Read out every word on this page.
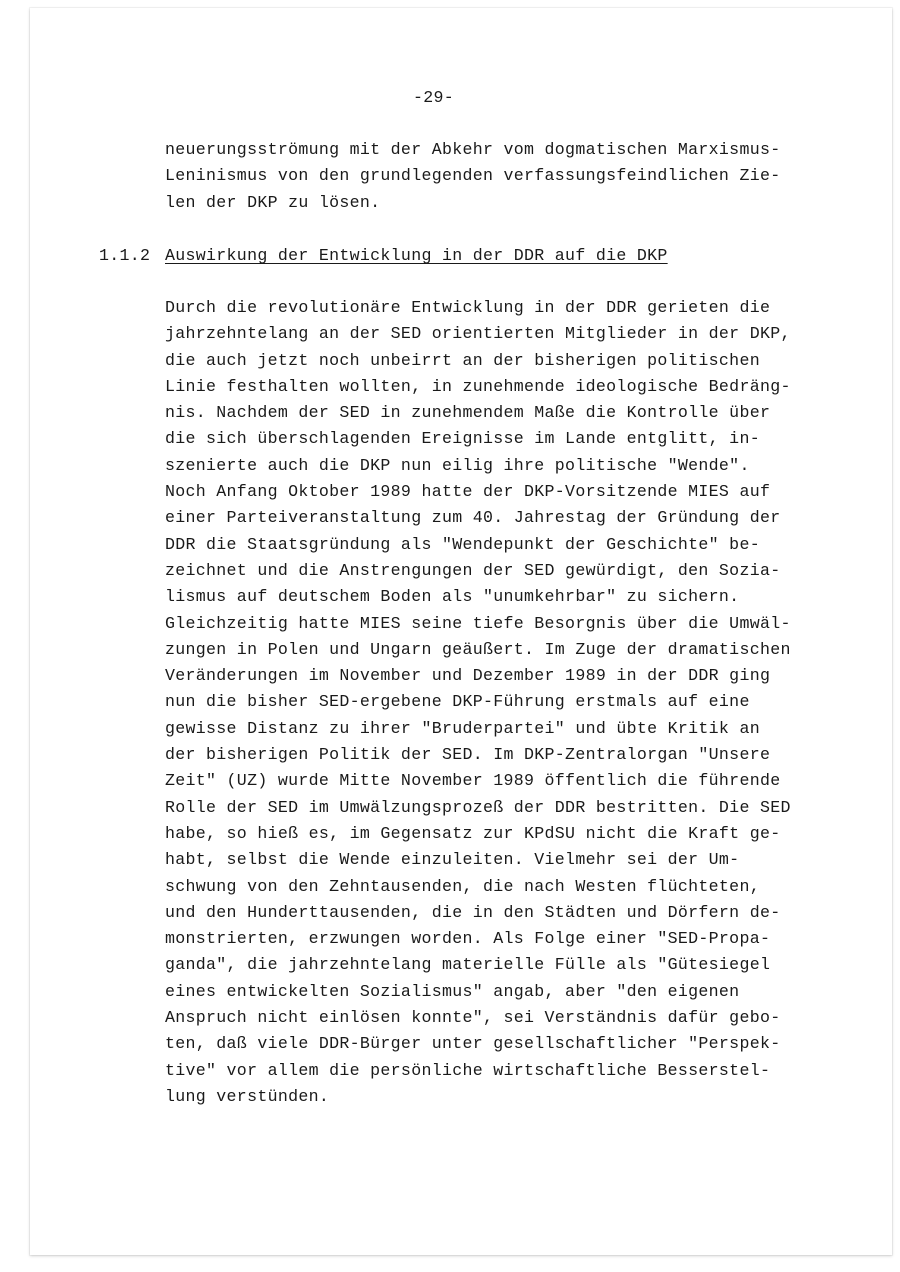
-29-
neuerungsströmung mit der Abkehr vom dogmatischen Marxismus-
Leninismus von den grundlegenden verfassungsfeindlichen Zie-
len der DKP zu lösen.
1.1.2 Auswirkung der Entwicklung in der DDR auf die DKP
Durch die revolutionäre Entwicklung in der DDR gerieten die
jahrzehntelang an der SED orientierten Mitglieder in der DKP,
die auch jetzt noch unbeirrt an der bisherigen politischen
Linie festhalten wollten, in zunehmende ideologische Bedräng-
nis. Nachdem der SED in zunehmendem Maße die Kontrolle über
die sich überschlagenden Ereignisse im Lande entglitt, in-
szenierte auch die DKP nun eilig ihre politische "Wende".
Noch Anfang Oktober 1989 hatte der DKP-Vorsitzende MIES auf
einer Parteiveranstaltung zum 40. Jahrestag der Gründung der
DDR die Staatsgründung als "Wendepunkt der Geschichte" be-
zeichnet und die Anstrengungen der SED gewürdigt, den Sozia-
lismus auf deutschem Boden als "unumkehrbar" zu sichern.
Gleichzeitig hatte MIES seine tiefe Besorgnis über die Umwäl-
zungen in Polen und Ungarn geäußert. Im Zuge der dramatischen
Veränderungen im November und Dezember 1989 in der DDR ging
nun die bisher SED-ergebene DKP-Führung erstmals auf eine
gewisse Distanz zu ihrer "Bruderpartei" und übte Kritik an
der bisherigen Politik der SED. Im DKP-Zentralorgan "Unsere
Zeit" (UZ) wurde Mitte November 1989 öffentlich die führende
Rolle der SED im Umwälzungsprozeß der DDR bestritten. Die SED
habe, so hieß es, im Gegensatz zur KPdSU nicht die Kraft ge-
habt, selbst die Wende einzuleiten. Vielmehr sei der Um-
schwung von den Zehntausenden, die nach Westen flüchteten,
und den Hunderttausenden, die in den Städten und Dörfern de-
monstrierten, erzwungen worden. Als Folge einer "SED-Propa-
ganda", die jahrzehntelang materielle Fülle als "Gütesiegel
eines entwickelten Sozialismus" angab, aber "den eigenen
Anspruch nicht einlösen konnte", sei Verständnis dafür gebo-
ten, daß viele DDR-Bürger unter gesellschaftlicher "Perspek-
tive" vor allem die persönliche wirtschaftliche Besserstel-
lung verstünden.
